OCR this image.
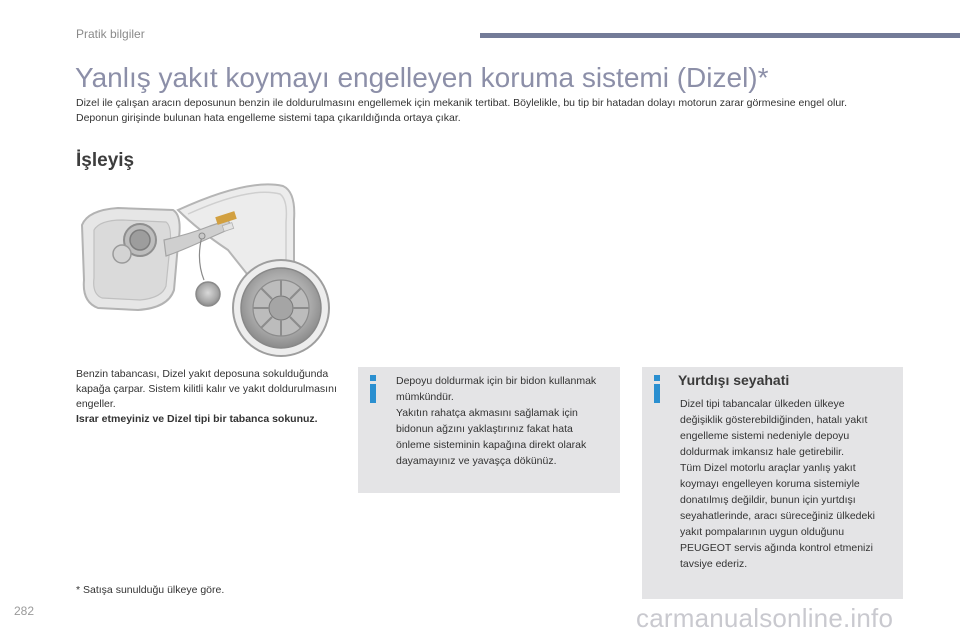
Pratik bilgiler
Yanlış yakıt koymayı engelleyen koruma sistemi (Dizel)*

Dizel ile çalışan aracın deposunun benzin ile doldurulmasını engellemek için mekanik tertibat. Böylelikle, bu tip bir hatadan dolayı motorun zarar görmesine engel olur.

Deponun girişinde bulunan hata engelleme sistemi tapa çıkarıldığında ortaya çıkar.

İşleyiş

Benzin tabancası, Dizel yakıt deposuna sokulduğunda kapağa çarpar. Sistem kilitli kalır ve yakıt doldurulmasını engeller.

Israr etmeyiniz ve Dizel tipi bir tabanca sokunuz.

Depoyu doldurmak için bir bidon kullanmak mümkündür.

Yakıtın rahatça akmasını sağlamak için bidonun ağzını yaklaştırınız fakat hata önleme sisteminin kapağına direkt olarak dayamayınız ve yavaşça dökünüz.

Yurtdışı seyahati

Dizel tipi tabancalar ülkeden ülkeye değişiklik gösterebildiğinden, hatalı yakıt engelleme sistemi nedeniyle depoyu doldurmak imkansız hale getirebilir.

Tüm Dizel motorlu araçlar yanlış yakıt koymayı engelleyen koruma sistemiyle donatılmış değildir, bunun için yurtdışı seyahatlerinde, aracı süreceğiniz ülkedeki yakıt pompalarının uygun olduğunu PEUGEOT servis ağında kontrol etmenizi tavsiye ederiz.

* Satışa sunulduğu ülkeye göre.
282	carmanualsonline.info
